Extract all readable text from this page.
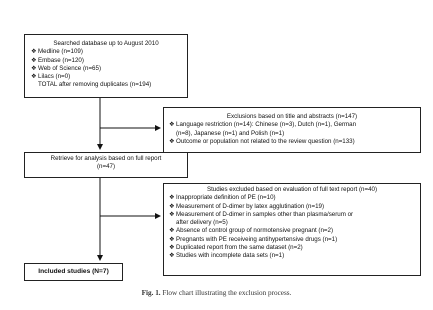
Searched database up to August 2010
❖Medline (n=109)
❖Embase (n=120)
❖Web of Science (n=65)
❖Lilacs (n=0)
TOTAL after removing duplicates (n=194)
Exclusions based on title and abstracts (n=147)
❖Language restriction (n=14): Chinese (n=3), Dutch (n=1), German
(n=8), Japanese (n=1) and Polish (n=1)
❖Outcome or population not related to the review question (n=133)
Retrieve for analysis based on full report
(n=47)
Studies excluded based on evaluation of full text report (n=40)
❖Inappropriate definition of PE (n=10)
❖Measurement of D-dimer by latex agglutination (n=19)
❖Measurement of D-dimer in samples other than plasma/serum or
after delivery (n=5)
❖Absence of control group of normotensive pregnant (n=2)
❖Pregnants with PE receiveing antihypertensive drugs (n=1)
❖Duplicated report from the same dataset (n=2)
❖Studies with incomplete data sets (n=1)
Included studies (N=7)
Fig. 1. Flow chart illustrating the exclusion process.
